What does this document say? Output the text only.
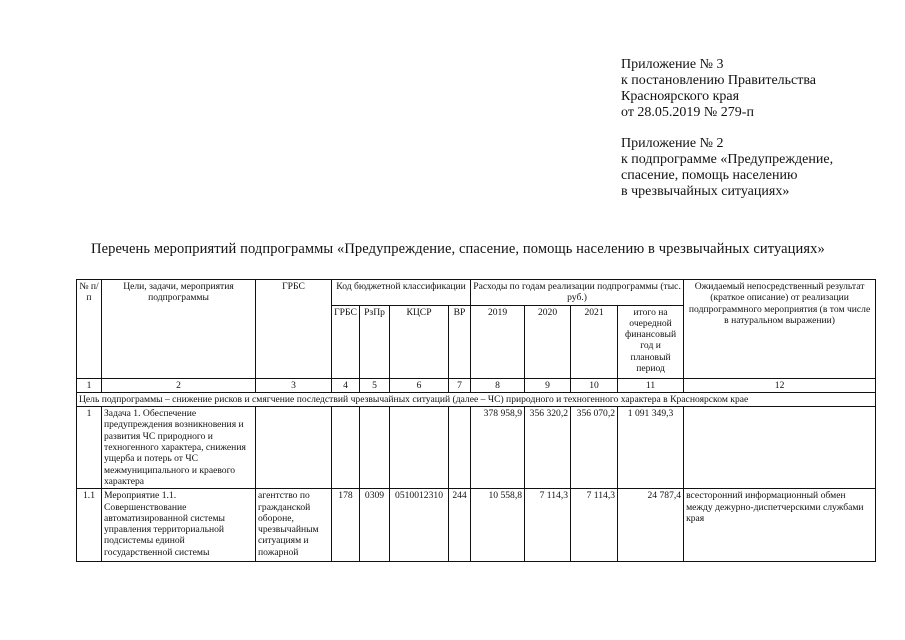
Приложение № 3

к постановлению Правительства

Красноярского края

от 28.05.2019 № 279-п

Приложение № 2

к подпрограмме «Предупреждение,

спасение, помощь населению

в чрезвычайных ситуациях»

Перечень мероприятий подпрограммы «Предупреждение, спасение, помощь населению в чрезвычайных ситуациях»
№ п/п	Цели, задачи, мероприятия подпрограммы	ГРБС	Код бюджетной классификации				Расходы по годам реализации подпрограммы (тыс. руб.)				Ожидаемый непосредственный результат (краткое описание) от реализации подпрограммного мероприятия (в том числе в натуральном выражении)
			ГРБС	РзПр	КЦСР	ВР	2019	2020	2021	итого на очередной финансовый год и плановый период	
1	2	3	4	5	6	7	8	9	10	11	12
Цель подпрограммы – снижение рисков и смягчение последствий чрезвычайных ситуаций (далее – ЧС) природного и техногенного характера в Красноярском крае											
1	Задача 1. Обеспечение предупреждения возникновения и развития ЧС природного и техногенного характера, снижения ущерба и потерь от ЧС межмуниципального и краевого характера						378 958,9	356 320,2	356 070,2	1 091 349,3	
1.1	Мероприятие 1.1. Совершенствование автоматизированной системы управления территориальной подсистемы единой государственной системы	агентство по гражданской обороне, чрезвычайным ситуациям и пожарной	178	0309	0510012310	244	10 558,8	7 114,3	7 114,3	24 787,4	всесторонний информационный обмен между дежурно-диспетчерскими службами края
